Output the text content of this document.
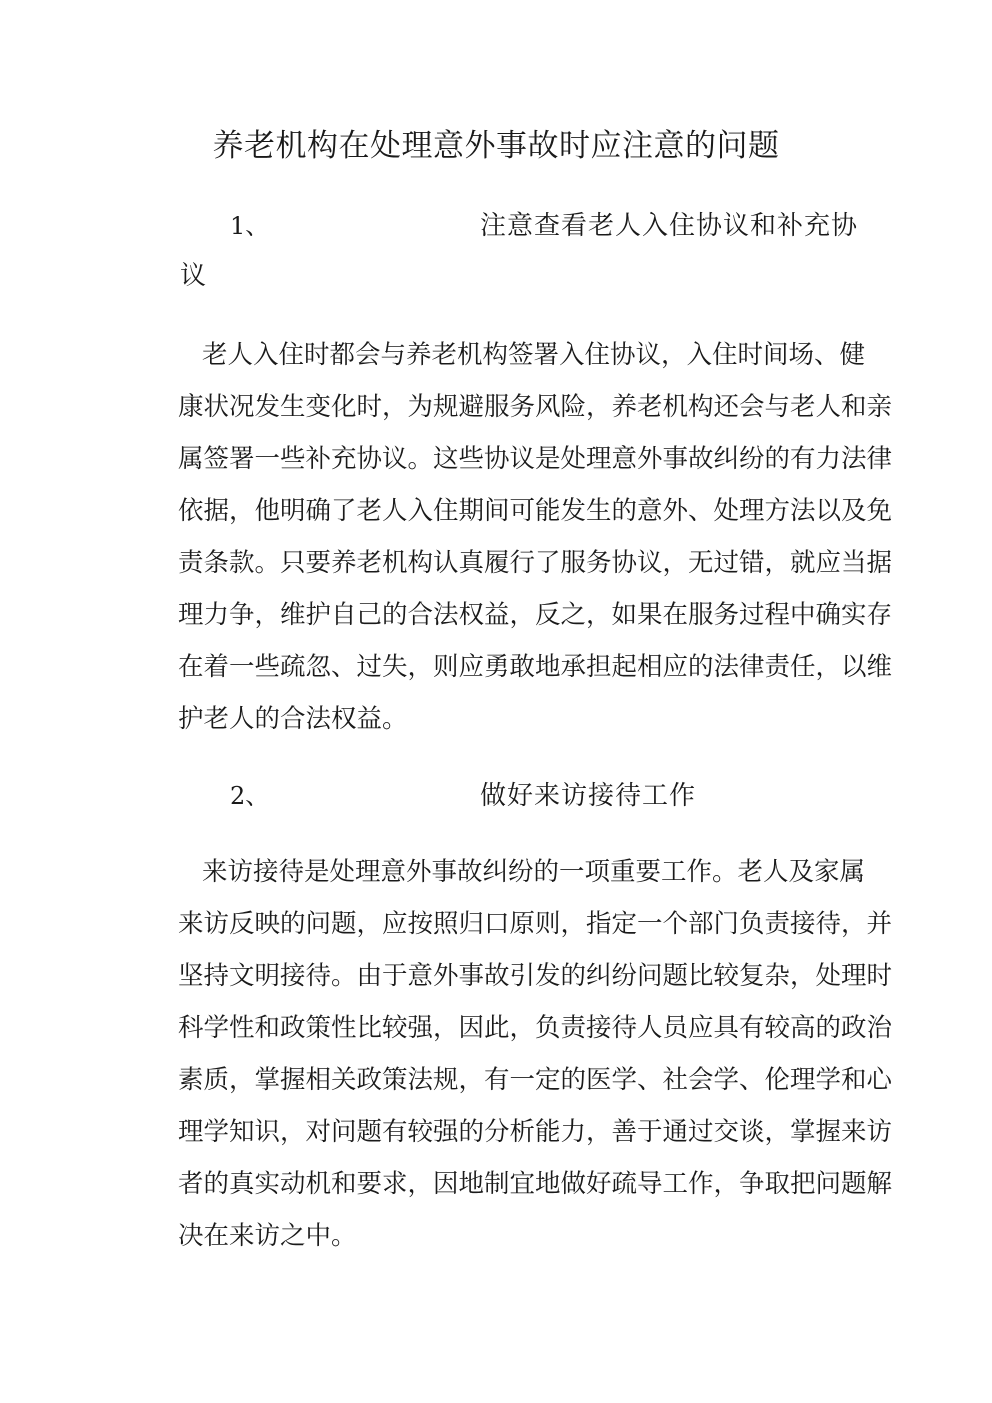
养老机构在处理意外事故时应注意的问题
1、	注意查看老人入住协议和补充协
议
老人入住时都会与养老机构签署入住协议，入住时间场、健
康状况发生变化时，为规避服务风险，养老机构还会与老人和亲
属签署一些补充协议。这些协议是处理意外事故纠纷的有力法律
依据，他明确了老人入住期间可能发生的意外、处理方法以及免
责条款。只要养老机构认真履行了服务协议，无过错，就应当据
理力争，维护自己的合法权益，反之，如果在服务过程中确实存
在着一些疏忽、过失，则应勇敢地承担起相应的法律责任，以维
护老人的合法权益。
2、	做好来访接待工作
来访接待是处理意外事故纠纷的一项重要工作。老人及家属
来访反映的问题，应按照归口原则，指定一个部门负责接待，并
坚持文明接待。由于意外事故引发的纠纷问题比较复杂，处理时
科学性和政策性比较强，因此，负责接待人员应具有较高的政治
素质，掌握相关政策法规，有一定的医学、社会学、伦理学和心
理学知识，对问题有较强的分析能力，善于通过交谈，掌握来访
者的真实动机和要求，因地制宜地做好疏导工作，争取把问题解
决在来访之中。
